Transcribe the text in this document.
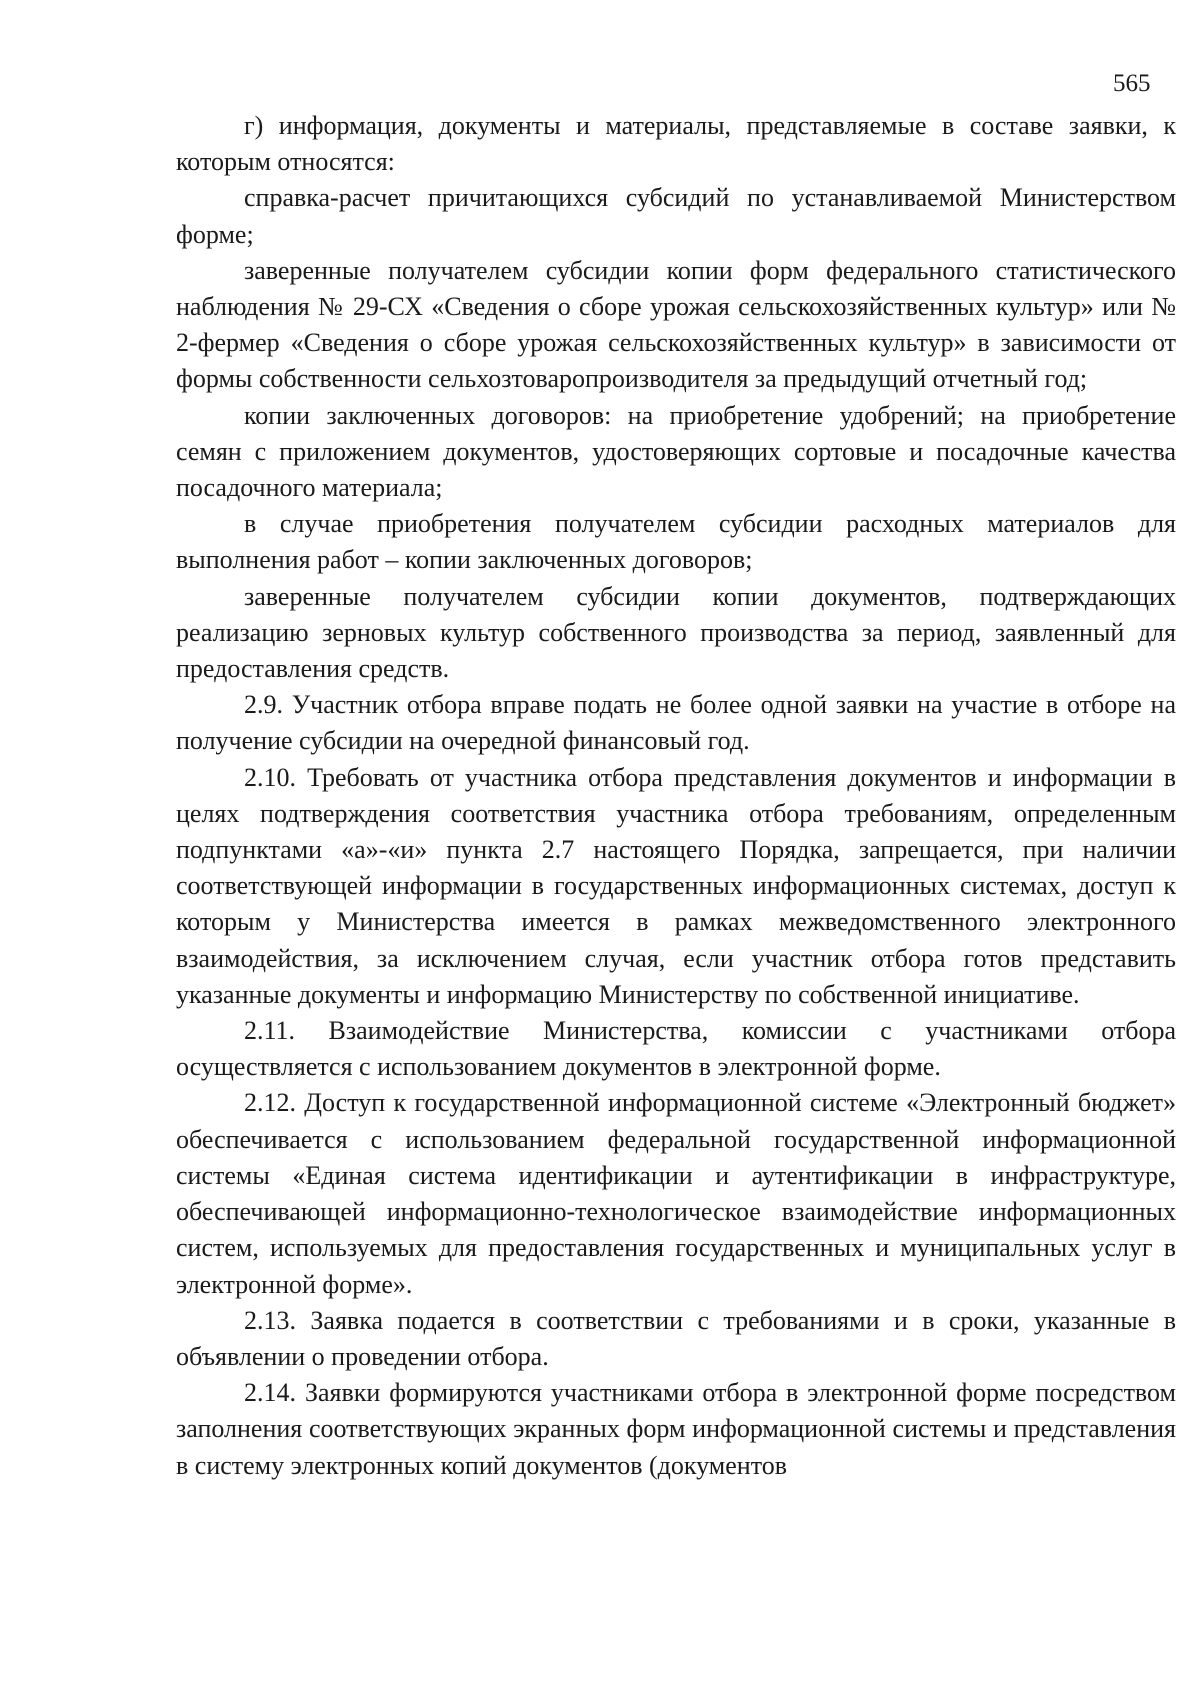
565

г) информация, документы и материалы, представляемые в составе заявки, к которым относятся:

справка-расчет причитающихся субсидий по устанавливаемой Министерством форме;

заверенные получателем субсидии копии форм федерального статистического наблюдения № 29-СХ «Сведения о сборе урожая сельскохозяйственных культур» или № 2-фермер «Сведения о сборе урожая сельскохозяйственных культур» в зависимости от формы собственности сельхозтоваропроизводителя за предыдущий отчетный год;

копии заключенных договоров: на приобретение удобрений; на приобретение семян с приложением документов, удостоверяющих сортовые и посадочные качества посадочного материала;

в случае приобретения получателем субсидии расходных материалов для выполнения работ – копии заключенных договоров;

заверенные получателем субсидии копии документов, подтверждающих реализацию зерновых культур собственного производства за период, заявленный для предоставления средств.

2.9. Участник отбора вправе подать не более одной заявки на участие в отборе на получение субсидии на очередной финансовый год.

2.10. Требовать от участника отбора представления документов и информации в целях подтверждения соответствия участника отбора требованиям, определенным подпунктами «а»-«и» пункта 2.7 настоящего Порядка, запрещается, при наличии соответствующей информации в государственных информационных системах, доступ к которым у Министерства имеется в рамках межведомственного электронного взаимодействия, за исключением случая, если участник отбора готов представить указанные документы и информацию Министерству по собственной инициативе.

2.11. Взаимодействие Министерства, комиссии с участниками отбора осуществляется с использованием документов в электронной форме.

2.12. Доступ к государственной информационной системе «Электронный бюджет» обеспечивается с использованием федеральной государственной информационной системы «Единая система идентификации и аутентификации в инфраструктуре, обеспечивающей информационно-технологическое взаимодействие информационных систем, используемых для предоставления государственных и муниципальных услуг в электронной форме».

2.13. Заявка подается в соответствии с требованиями и в сроки, указанные в объявлении о проведении отбора.

2.14. Заявки формируются участниками отбора в электронной форме посредством заполнения соответствующих экранных форм информационной системы и представления в систему электронных копий документов (документов
